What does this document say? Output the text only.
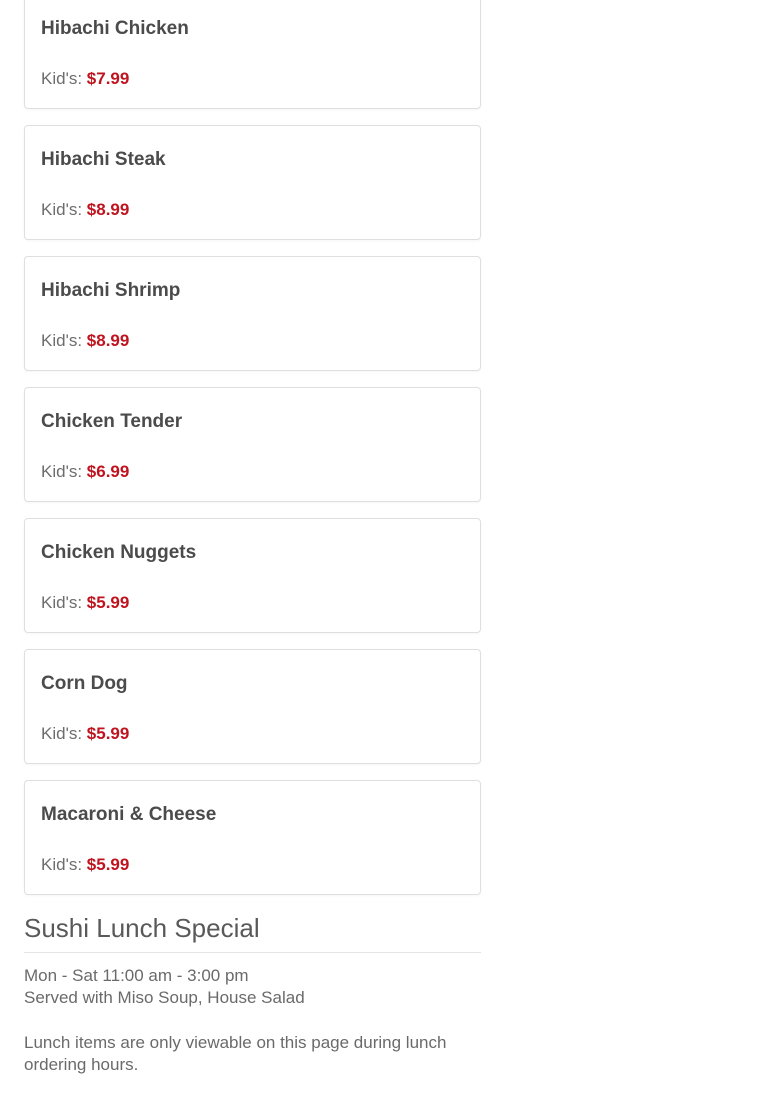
Hibachi Chicken
Kid's: $7.99
Hibachi Steak
Kid's: $8.99
Hibachi Shrimp
Kid's: $8.99
Chicken Tender
Kid's: $6.99
Chicken Nuggets
Kid's: $5.99
Corn Dog
Kid's: $5.99
Macaroni & Cheese
Kid's: $5.99
Sushi Lunch Special

Mon - Sat 11:00 am - 3:00 pm
Served with Miso Soup, House Salad

Lunch items are only viewable on this page during lunch ordering hours.
